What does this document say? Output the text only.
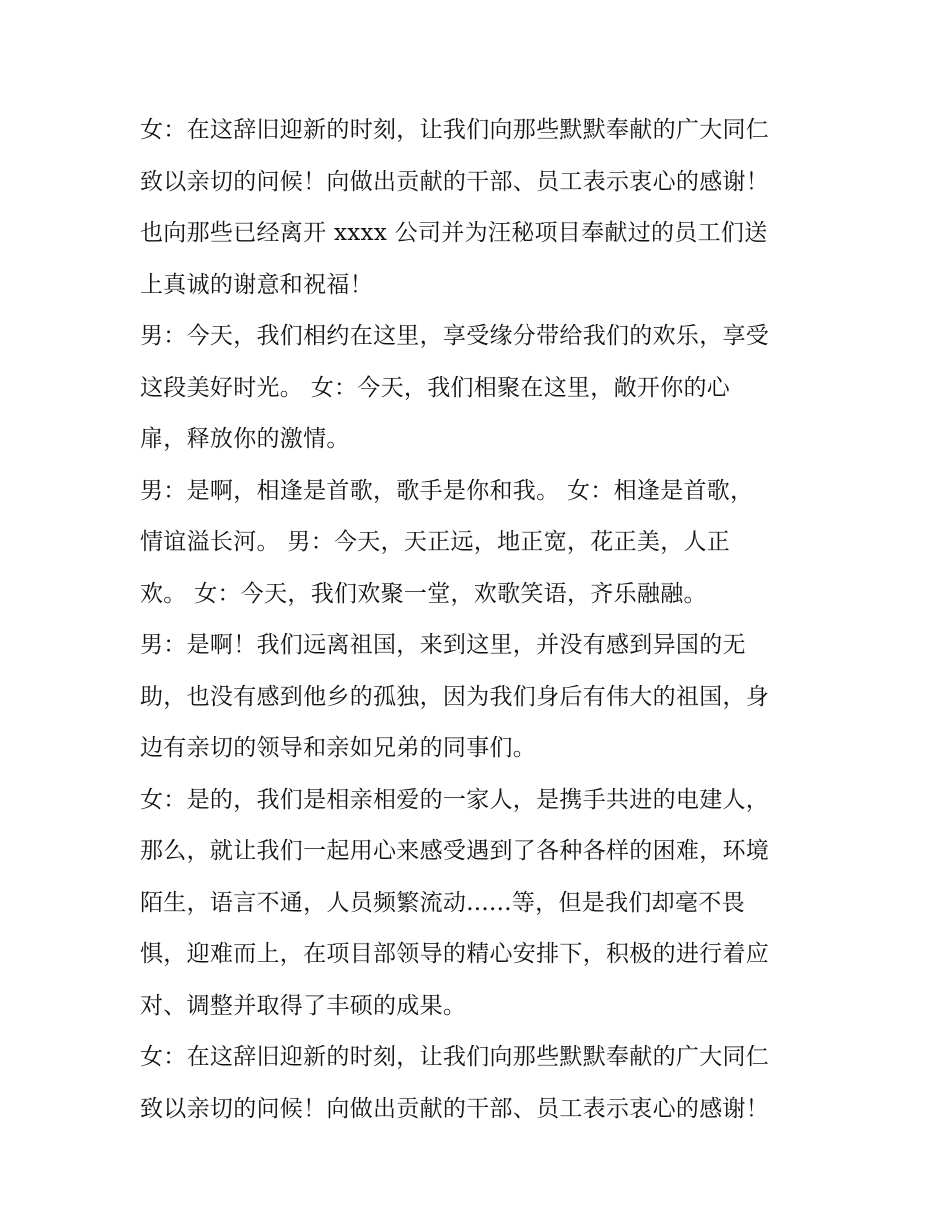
女：在这辞旧迎新的时刻，让我们向那些默默奉献的广大同仁
致以亲切的问候！向做出贡献的干部、员工表示衷心的感谢！
也向那些已经离开 xxxx 公司并为汪秘项目奉献过的员工们送
上真诚的谢意和祝福！
男：今天，我们相约在这里，享受缘分带给我们的欢乐，享受
这段美好时光。 女：今天，我们相聚在这里，敞开你的心
扉，释放你的激情。
男：是啊，相逢是首歌，歌手是你和我。 女：相逢是首歌，
情谊溢长河。 男：今天，天正远，地正宽，花正美，人正
欢。 女：今天，我们欢聚一堂，欢歌笑语，齐乐融融。
男：是啊！我们远离祖国，来到这里，并没有感到异国的无
助，也没有感到他乡的孤独，因为我们身后有伟大的祖国，身
边有亲切的领导和亲如兄弟的同事们。
女：是的，我们是相亲相爱的一家人，是携手共进的电建人，
那么，就让我们一起用心来感受遇到了各种各样的困难，环境
陌生，语言不通，人员频繁流动......等，但是我们却毫不畏
惧，迎难而上，在项目部领导的精心安排下，积极的进行着应
对、调整并取得了丰硕的成果。
女：在这辞旧迎新的时刻，让我们向那些默默奉献的广大同仁
致以亲切的问候！向做出贡献的干部、员工表示衷心的感谢！
